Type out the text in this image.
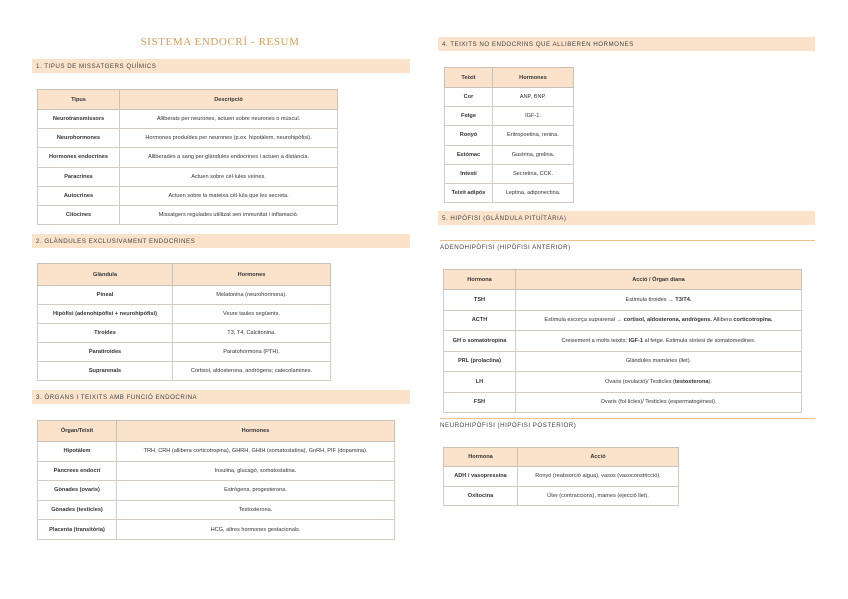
SISTEMA ENDOCRÍ - RESUM
1. TIPUS DE MISSATGERS QUÍMICS
Tipus	Descripció
Neurotransmissors	Alliberats per neurones, actuen sobre neurones o múscul.
Neurohormones	Hormones produïdes per neurones (p.ex. hipotàlem, neurohipòfisi).
Hormones endocrines	Alliberades a sang per glàndules endocrines i actuen a distància.
Paracrines	Actuen sobre cèl·lules veïnes.
Autocrines	Actuen sobre la mateixa cèl·lula que les secreta.
Citocines	Missatgers regulades utilitzat sen immunitat i inflamació.
2. GLÀNDULES EXCLUSIVAMENT ENDOCRINES
Glàndula	Hormones
Pineal	Melatonina (neurohormona).
Hipòfisi (adenohipòfisi + neurohipòfisi)	Veure taules següents.
Tiroides	T3, T4, Calcitonina.
Paratiroides	Paratohormona (PTH).
Suprarenals	Cortisol, aldosterona, andrògens; catecolamines.
3. ÒRGANS I TEIXITS AMB FUNCIÓ ENDOCRINA
Òrgan/Teixit	Hormones
Hipotàlem	TRH, CRH (allibera corticotropina), GHRH, GHIH (somatostatina), GnRH, PIF (dopamina).
Pàncrees endocrí	Insulina, glucagó, somatostatina.
Gònades (ovaris)	Estrògens, progesterona.
Gònades (testicles)	Testosterona.
Placenta (transitòria)	HCG, altres hormones gestacionals.
4. TEIXITS NO ENDOCRINS QUE ALLIBEREN HORMONES
Teixit	Hormones
Cor	ANP, BNP.
Fetge	IGF-1.
Ronyó	Eritropoetina, renina.
Estómac	Gastrina, grelina.
Intestí	Secretina, CCK.
Teixit adipós	Leptina, adiponectina.
5. HIPÒFISI (GLÀNDULA PITUÏTÀRIA)
ADENOHIPÒFISI (HIPÒFISI ANTERIOR)
Hormona	Acció / Òrgan diana
TSH	Estimula tiroides → T3/T4.
ACTH	Estimula escorça suprarenal → cortisol, aldosterona, andrògens. Allibera corticotropina.
GH o somatotropina	Creixement a molts teixits; IGF-1 al fetge. Estimula síntesi de somatomedines.
PRL (prolactina)	Glàndules mamàries (llet).
LH	Ovaris (ovulació)/ Testicles (testosterona).
FSH	Ovaris (fol·licles)/ Testicles (espermatogènesi).
NEUROHIPÒFISI (HIPÒFISI POSTERIOR)
Hormona	Acció
ADH / vasopressina	Ronyó (reabsorció aigua), vasos (vasoconstricció).
Oxitocina	Úter (contraccions), mames (ejecció llet).
